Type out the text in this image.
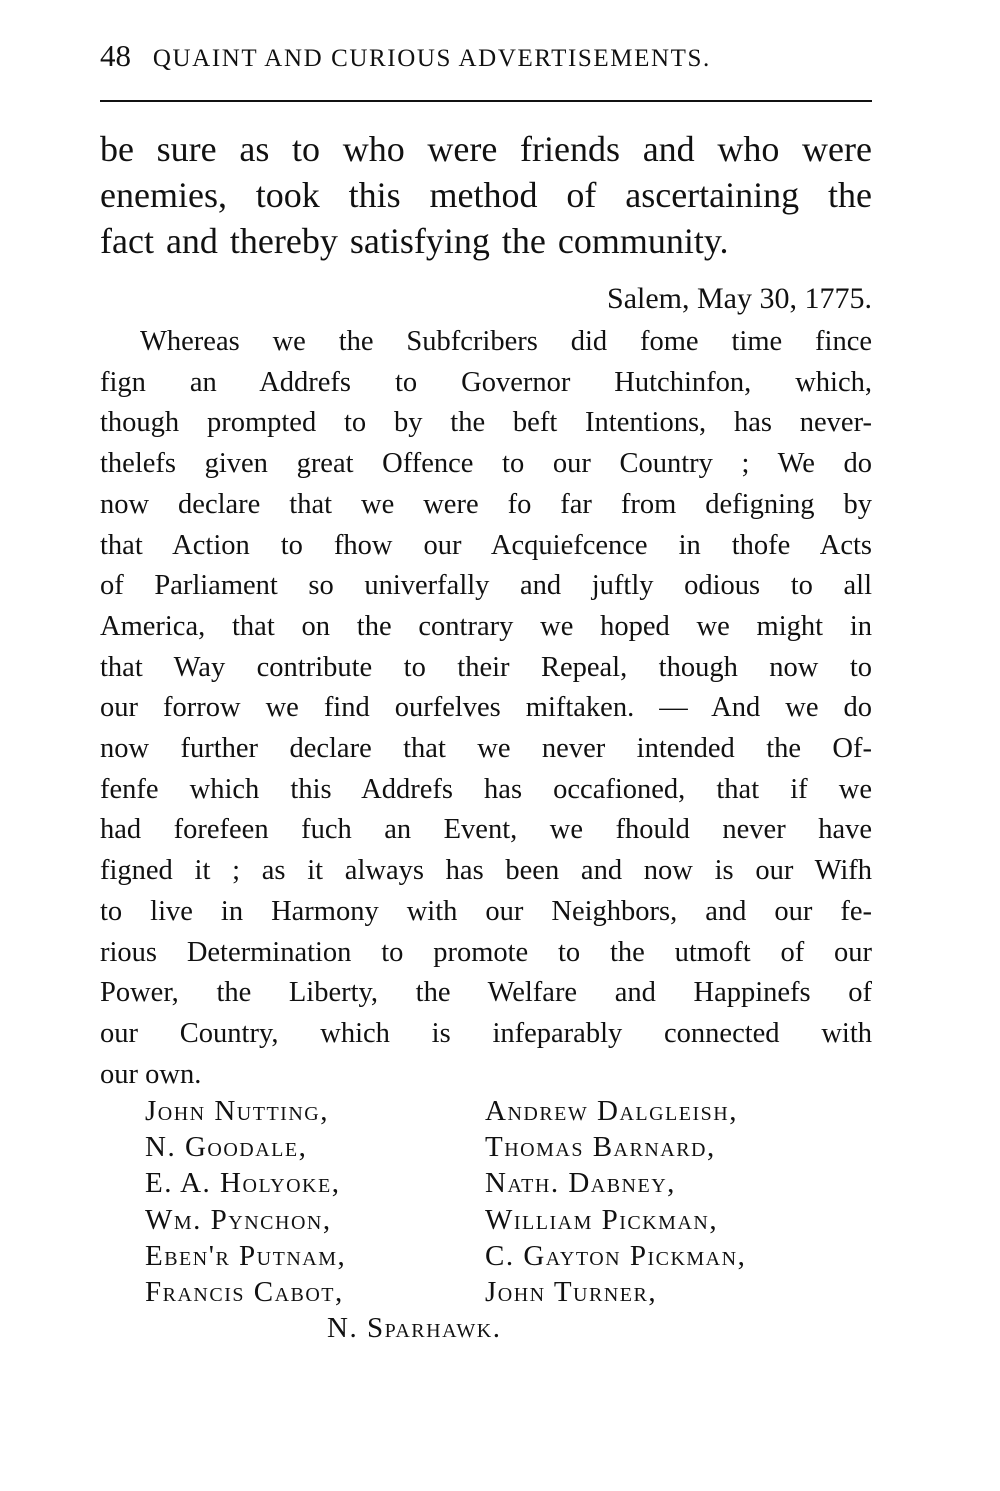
48 QUAINT AND CURIOUS ADVERTISEMENTS.
be sure as to who were friends and who were
enemies, took this method of ascertaining the
fact and thereby satisfying the community.
Salem, May 30, 1775.
Whereas we the Subfcribers did fome time fince
fign an Addrefs to Governor Hutchinfon, which,
though prompted to by the beft Intentions, has never-
thelefs given great Offence to our Country ; We do
now declare that we were fo far from defigning by
that Action to fhow our Acquiefcence in thofe Acts
of Parliament so univerfally and juftly odious to all
America, that on the contrary we hoped we might in
that Way contribute to their Repeal, though now to
our forrow we find ourfelves miftaken. — And we do
now further declare that we never intended the Of-
fenfe which this Addrefs has occafioned, that if we
had forefeen fuch an Event, we fhould never have
figned it ; as it always has been and now is our Wifh
to live in Harmony with our Neighbors, and our fe-
rious Determination to promote to the utmoft of our
Power, the Liberty, the Welfare and Happinefs of
our Country, which is infeparably connected with
our own.
John Nutting,	Andrew Dalgleish,
N. Goodale,	Thomas Barnard,
E. A. Holyoke,	Nath. Dabney,
Wm. Pynchon,	William Pickman,
Eben'r Putnam,	C. Gayton Pickman,
Francis Cabot,	John Turner,
N. Sparhawk.
